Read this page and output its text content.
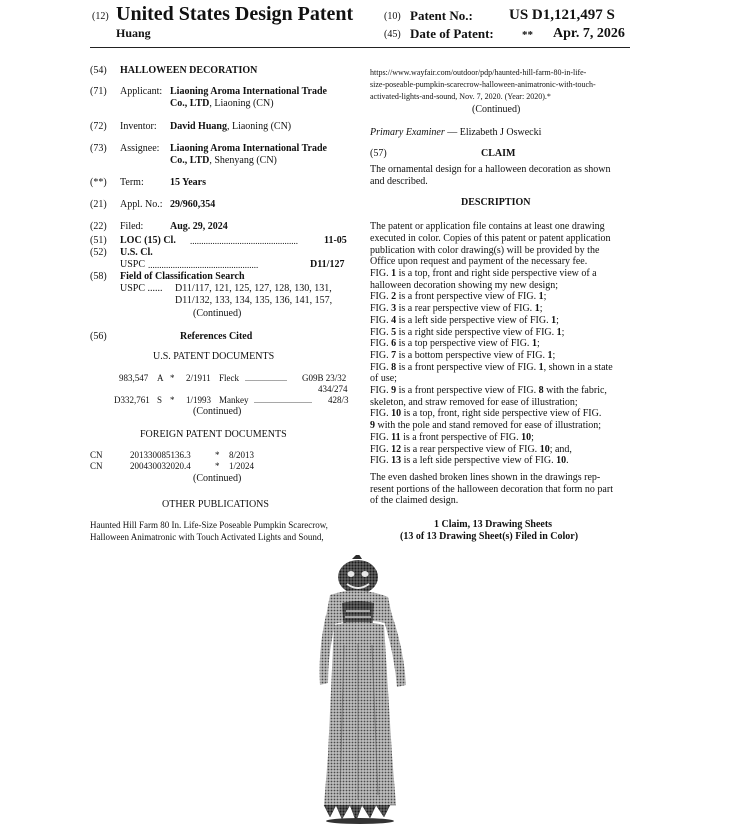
(12) United States Design Patent
Huang
(10) Patent No.: US D1,121,497 S
(45) Date of Patent:	** Apr. 7, 2026
(54) HALLOWEEN DECORATION
(71) Applicant: Liaoning Aroma International Trade
Co., LTD, Liaoning (CN)
(72) Inventor: David Huang, Liaoning (CN)
(73) Assignee: Liaoning Aroma International Trade
Co., LTD, Shenyang (CN)
(**) Term:	15 Years
(21) Appl. No.: 29/960,354
(22) Filed:	Aug. 29, 2024
(51) LOC (15) Cl. ................................................	11-05
(52) U.S. Cl.
USPC .................................................	D11/127
(58) Field of Classification Search
USPC ...... D11/117, 121, 125, 127, 128, 130, 131,
D11/132, 133, 134, 135, 136, 141, 157,
(Continued)
(56)	References Cited
U.S. PATENT DOCUMENTS
983,547 A * 2/1911 Fleck ..................... G09B 23/32
434/274
D332,761 S * 1/1993 Mankey ............................. 428/3
(Continued)
FOREIGN PATENT DOCUMENTS
CN	201330085136.3	* 8/2013
CN	200430032020.4	* 1/2024
(Continued)
OTHER PUBLICATIONS
Haunted Hill Farm 80 In. Life-Size Poseable Pumpkin Scarecrow,
Halloween Animatronic with Touch Activated Lights and Sound,
https://www.wayfair.com/outdoor/pdp/haunted-hill-farm-80-in-life-
size-poseable-pumpkin-scarecrow-halloween-animatronic-with-touch-
activated-lights-and-sound, Nov. 7, 2020. (Year: 2020).*
(Continued)
Primary Examiner — Elizabeth J Oswecki
(57)	CLAIM
The ornamental design for a halloween decoration as shown
and described.
DESCRIPTION
The patent or application file contains at least one drawing
executed in color. Copies of this patent or patent application
publication with color drawing(s) will be provided by the
Office upon request and payment of the necessary fee.
FIG. 1 is a top, front and right side perspective view of a
halloween decoration showing my new design;
FIG. 2 is a front perspective view of FIG. 1;
FIG. 3 is a rear perspective view of FIG. 1;
FIG. 4 is a left side perspective view of FIG. 1;
FIG. 5 is a right side perspective view of FIG. 1;
FIG. 6 is a top perspective view of FIG. 1;
FIG. 7 is a bottom perspective view of FIG. 1;
FIG. 8 is a front perspective view of FIG. 1, shown in a state
of use;
FIG. 9 is a front perspective view of FIG. 8 with the fabric,
skeleton, and straw removed for ease of illustration;
FIG. 10 is a top, front, right side perspective view of FIG.
9 with the pole and stand removed for ease of illustration;
FIG. 11 is a front perspective of FIG. 10;
FIG. 12 is a rear perspective view of FIG. 10; and,
FIG. 13 is a left side perspective view of FIG. 10.
The even dashed broken lines shown in the drawings rep-
resent portions of the halloween decoration that form no part
of the claimed design.
1 Claim, 13 Drawing Sheets
(13 of 13 Drawing Sheet(s) Filed in Color)
